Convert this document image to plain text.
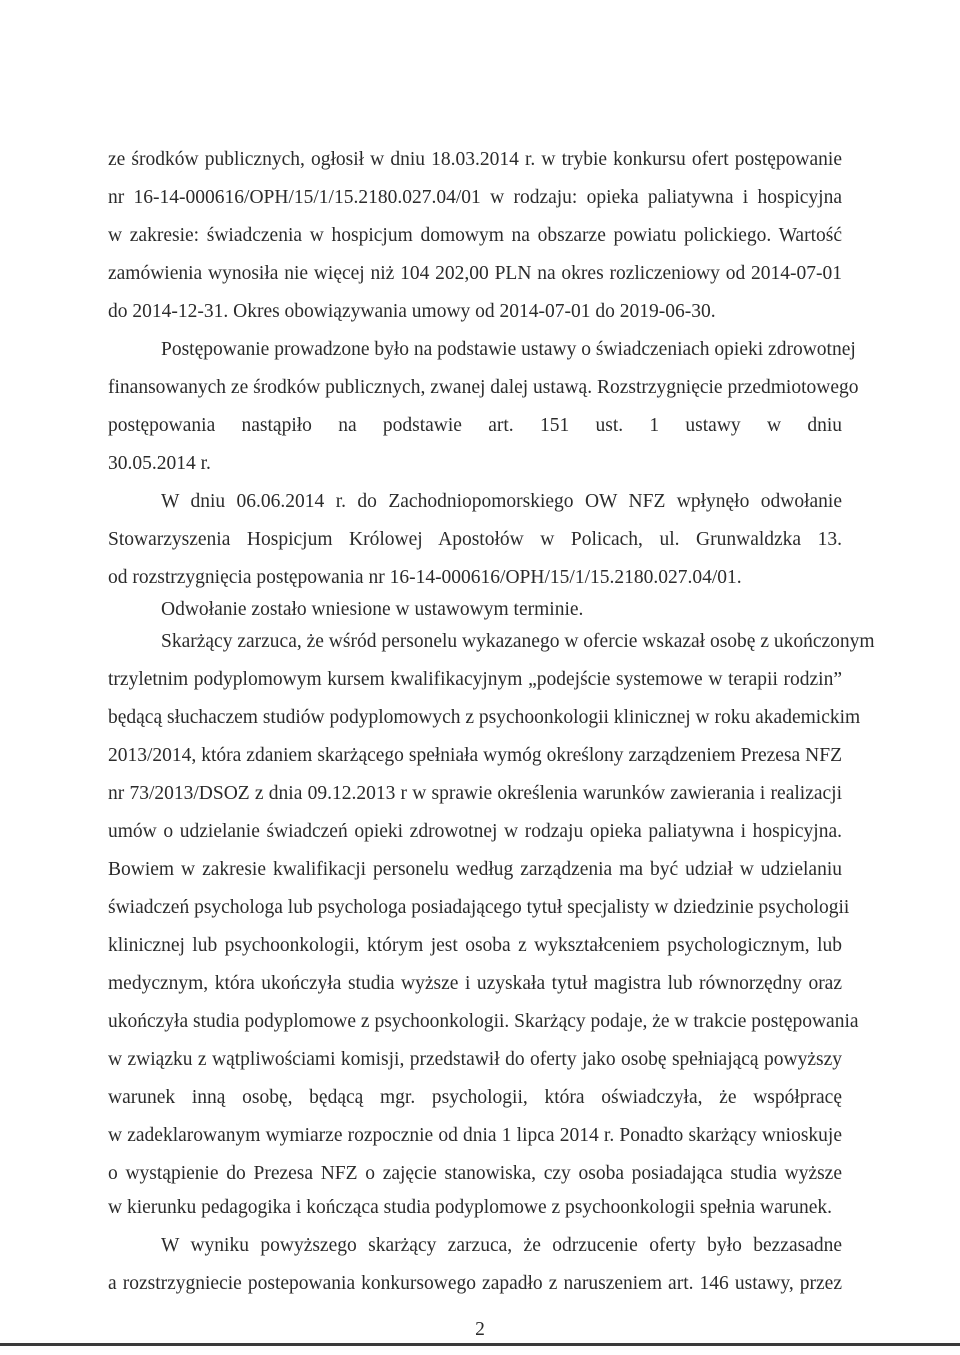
ze środków publicznych, ogłosił w dniu 18.03.2014 r. w trybie konkursu ofert postępowanie
nr 16-14-000616/OPH/15/1/15.2180.027.04/01 w rodzaju: opieka paliatywna i hospicyjna
w zakresie: świadczenia w hospicjum domowym na obszarze powiatu polickiego. Wartość
zamówienia wynosiła nie więcej niż 104 202,00 PLN na okres rozliczeniowy od 2014-07-01
do 2014-12-31. Okres obowiązywania umowy od 2014-07-01 do 2019-06-30.
Postępowanie prowadzone było na podstawie ustawy o świadczeniach opieki zdrowotnej
finansowanych ze środków publicznych, zwanej dalej ustawą. Rozstrzygnięcie przedmiotowego
postępowania nastąpiło na podstawie art. 151 ust. 1 ustawy w dniu
30.05.2014 r.
W dniu 06.06.2014 r. do Zachodniopomorskiego OW NFZ wpłynęło odwołanie
Stowarzyszenia Hospicjum Królowej Apostołów w Policach, ul. Grunwaldzka 13.
od rozstrzygnięcia postępowania nr 16-14-000616/OPH/15/1/15.2180.027.04/01.
Odwołanie zostało wniesione w ustawowym terminie.
Skarżący zarzuca, że wśród personelu wykazanego w ofercie wskazał osobę z ukończonym
trzyletnim podyplomowym kursem kwalifikacyjnym „podejście systemowe w terapii rodzin”
będącą słuchaczem studiów podyplomowych z psychoonkologii klinicznej w roku akademickim
2013/2014, która zdaniem skarżącego spełniała wymóg określony zarządzeniem Prezesa NFZ
nr 73/2013/DSOZ z dnia 09.12.2013 r w sprawie określenia warunków zawierania i realizacji
umów o udzielanie świadczeń opieki zdrowotnej w rodzaju opieka paliatywna i hospicyjna.
Bowiem w zakresie kwalifikacji personelu według zarządzenia ma być udział w udzielaniu
świadczeń psychologa lub psychologa posiadającego tytuł specjalisty w dziedzinie psychologii
klinicznej lub psychoonkologii, którym jest osoba z wykształceniem psychologicznym, lub
medycznym, która ukończyła studia wyższe i uzyskała tytuł magistra lub równorzędny oraz
ukończyła studia podyplomowe z psychoonkologii. Skarżący podaje, że w trakcie postępowania
w związku z wątpliwościami komisji, przedstawił do oferty jako osobę spełniającą powyższy
warunek inną osobę, będącą mgr. psychologii, która oświadczyła, że współpracę
w zadeklarowanym wymiarze rozpocznie od dnia 1 lipca 2014 r. Ponadto skarżący wnioskuje
o wystąpienie do Prezesa NFZ o zajęcie stanowiska, czy osoba posiadająca studia wyższe
w kierunku pedagogika i kończąca studia podyplomowe z psychoonkologii spełnia warunek.
W wyniku powyższego skarżący zarzuca, że odrzucenie oferty było bezzasadne
a rozstrzygniecie postepowania konkursowego zapadło z naruszeniem art. 146 ustawy, przez
2
